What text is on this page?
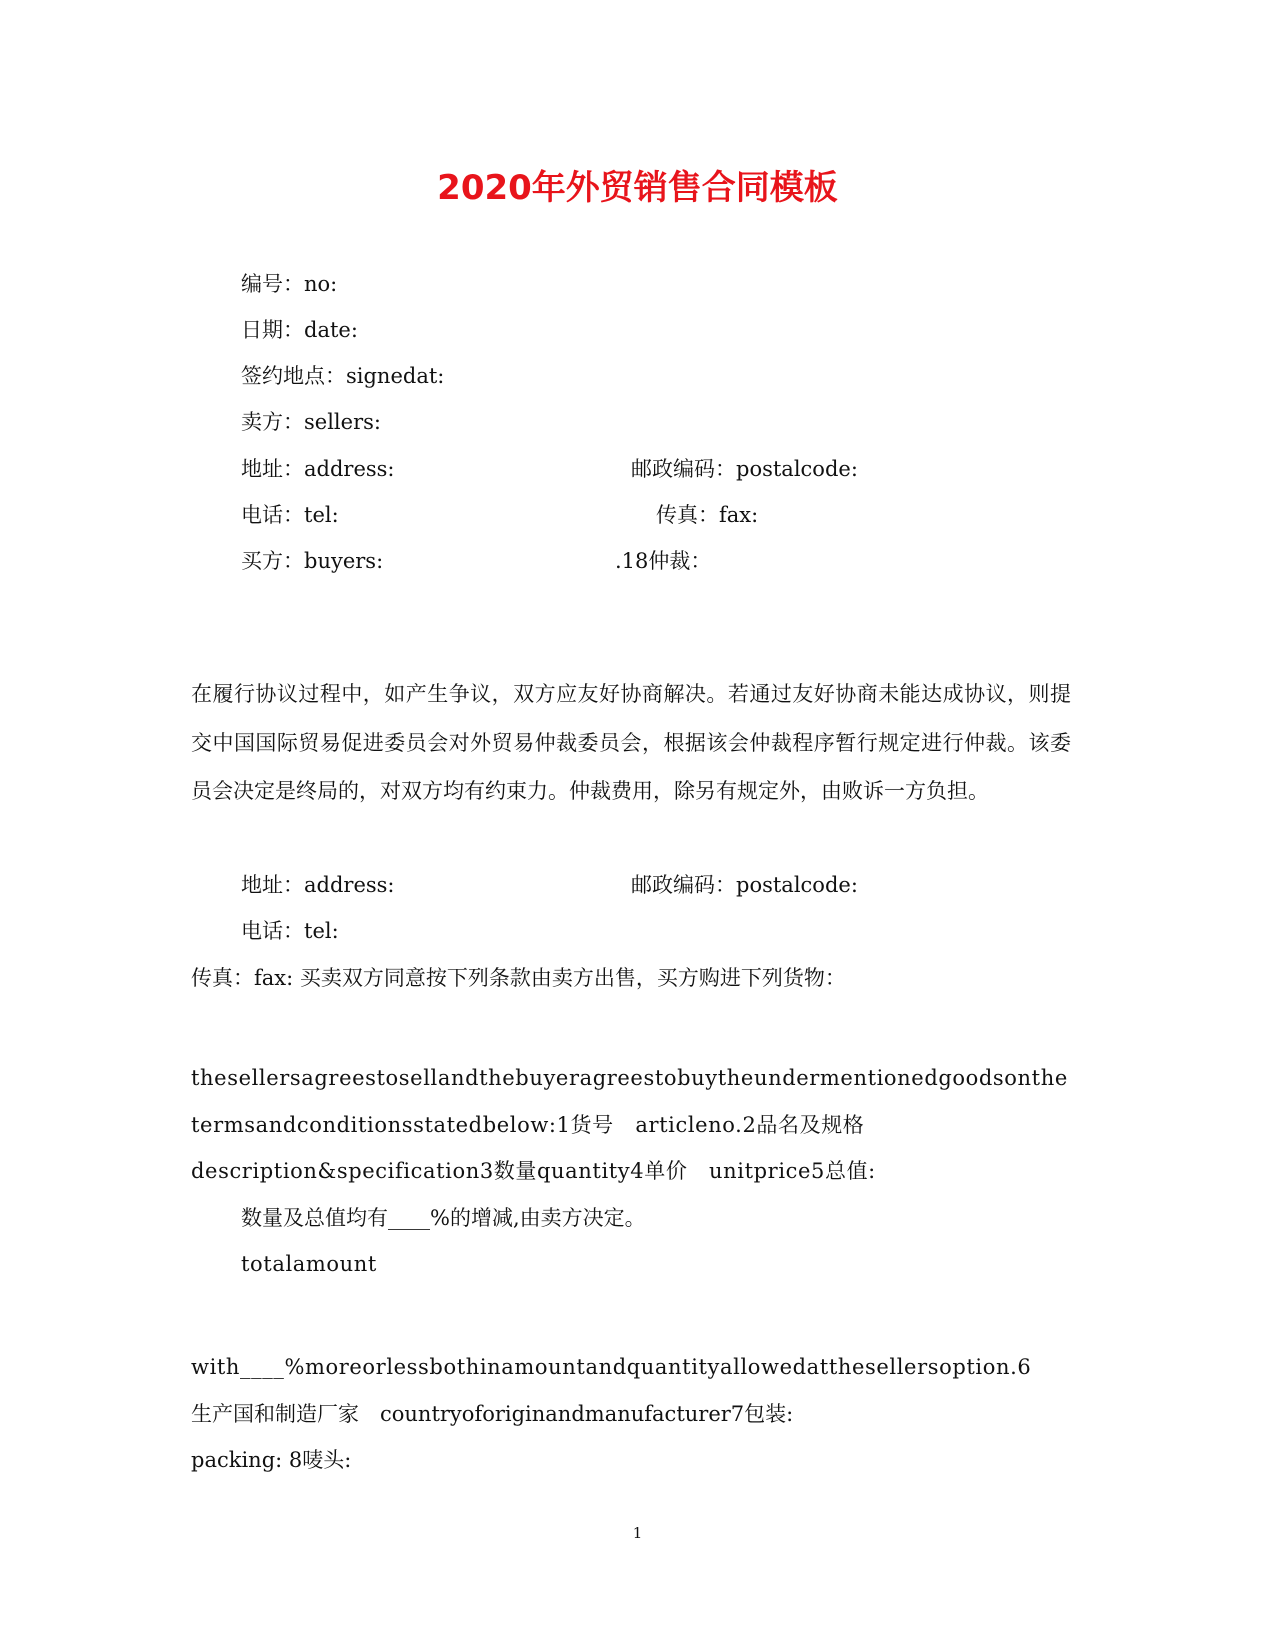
2020年外贸销售合同模板
编号：no:
日期：date:
签约地点：signedat:
卖方：sellers:
地址：address:	邮政编码：postalcode:
电话：tel:	传真：fax:
买方：buyers:	.18仲裁：
在履行协议过程中，如产生争议，双方应友好协商解决。若通过友好协商未能达成协议，则提交中国国际贸易促进委员会对外贸易仲裁委员会，根据该会仲裁程序暂行规定进行仲裁。该委员会决定是终局的，对双方均有约束力。仲裁费用，除另有规定外，由败诉一方负担。
地址：address:	邮政编码：postalcode:
电话：tel:
传真：fax: 买卖双方同意按下列条款由卖方出售，买方购进下列货物：
thesellersagreestosellandthebuyeragreestobuytheundermentionedgoodsonthe
termsandconditionsstatedbelow:1货号　articleno.2品名及规格
description&specification3数量quantity4单价　unitprice5总值:
数量及总值均有____%的增减,由卖方决定。
totalamount
with____%moreorlessbothinamountandquantityallowedatthesellersoption.6
生产国和制造厂家　countryoforiginandmanufacturer7包装:
packing: 8唛头:
1
